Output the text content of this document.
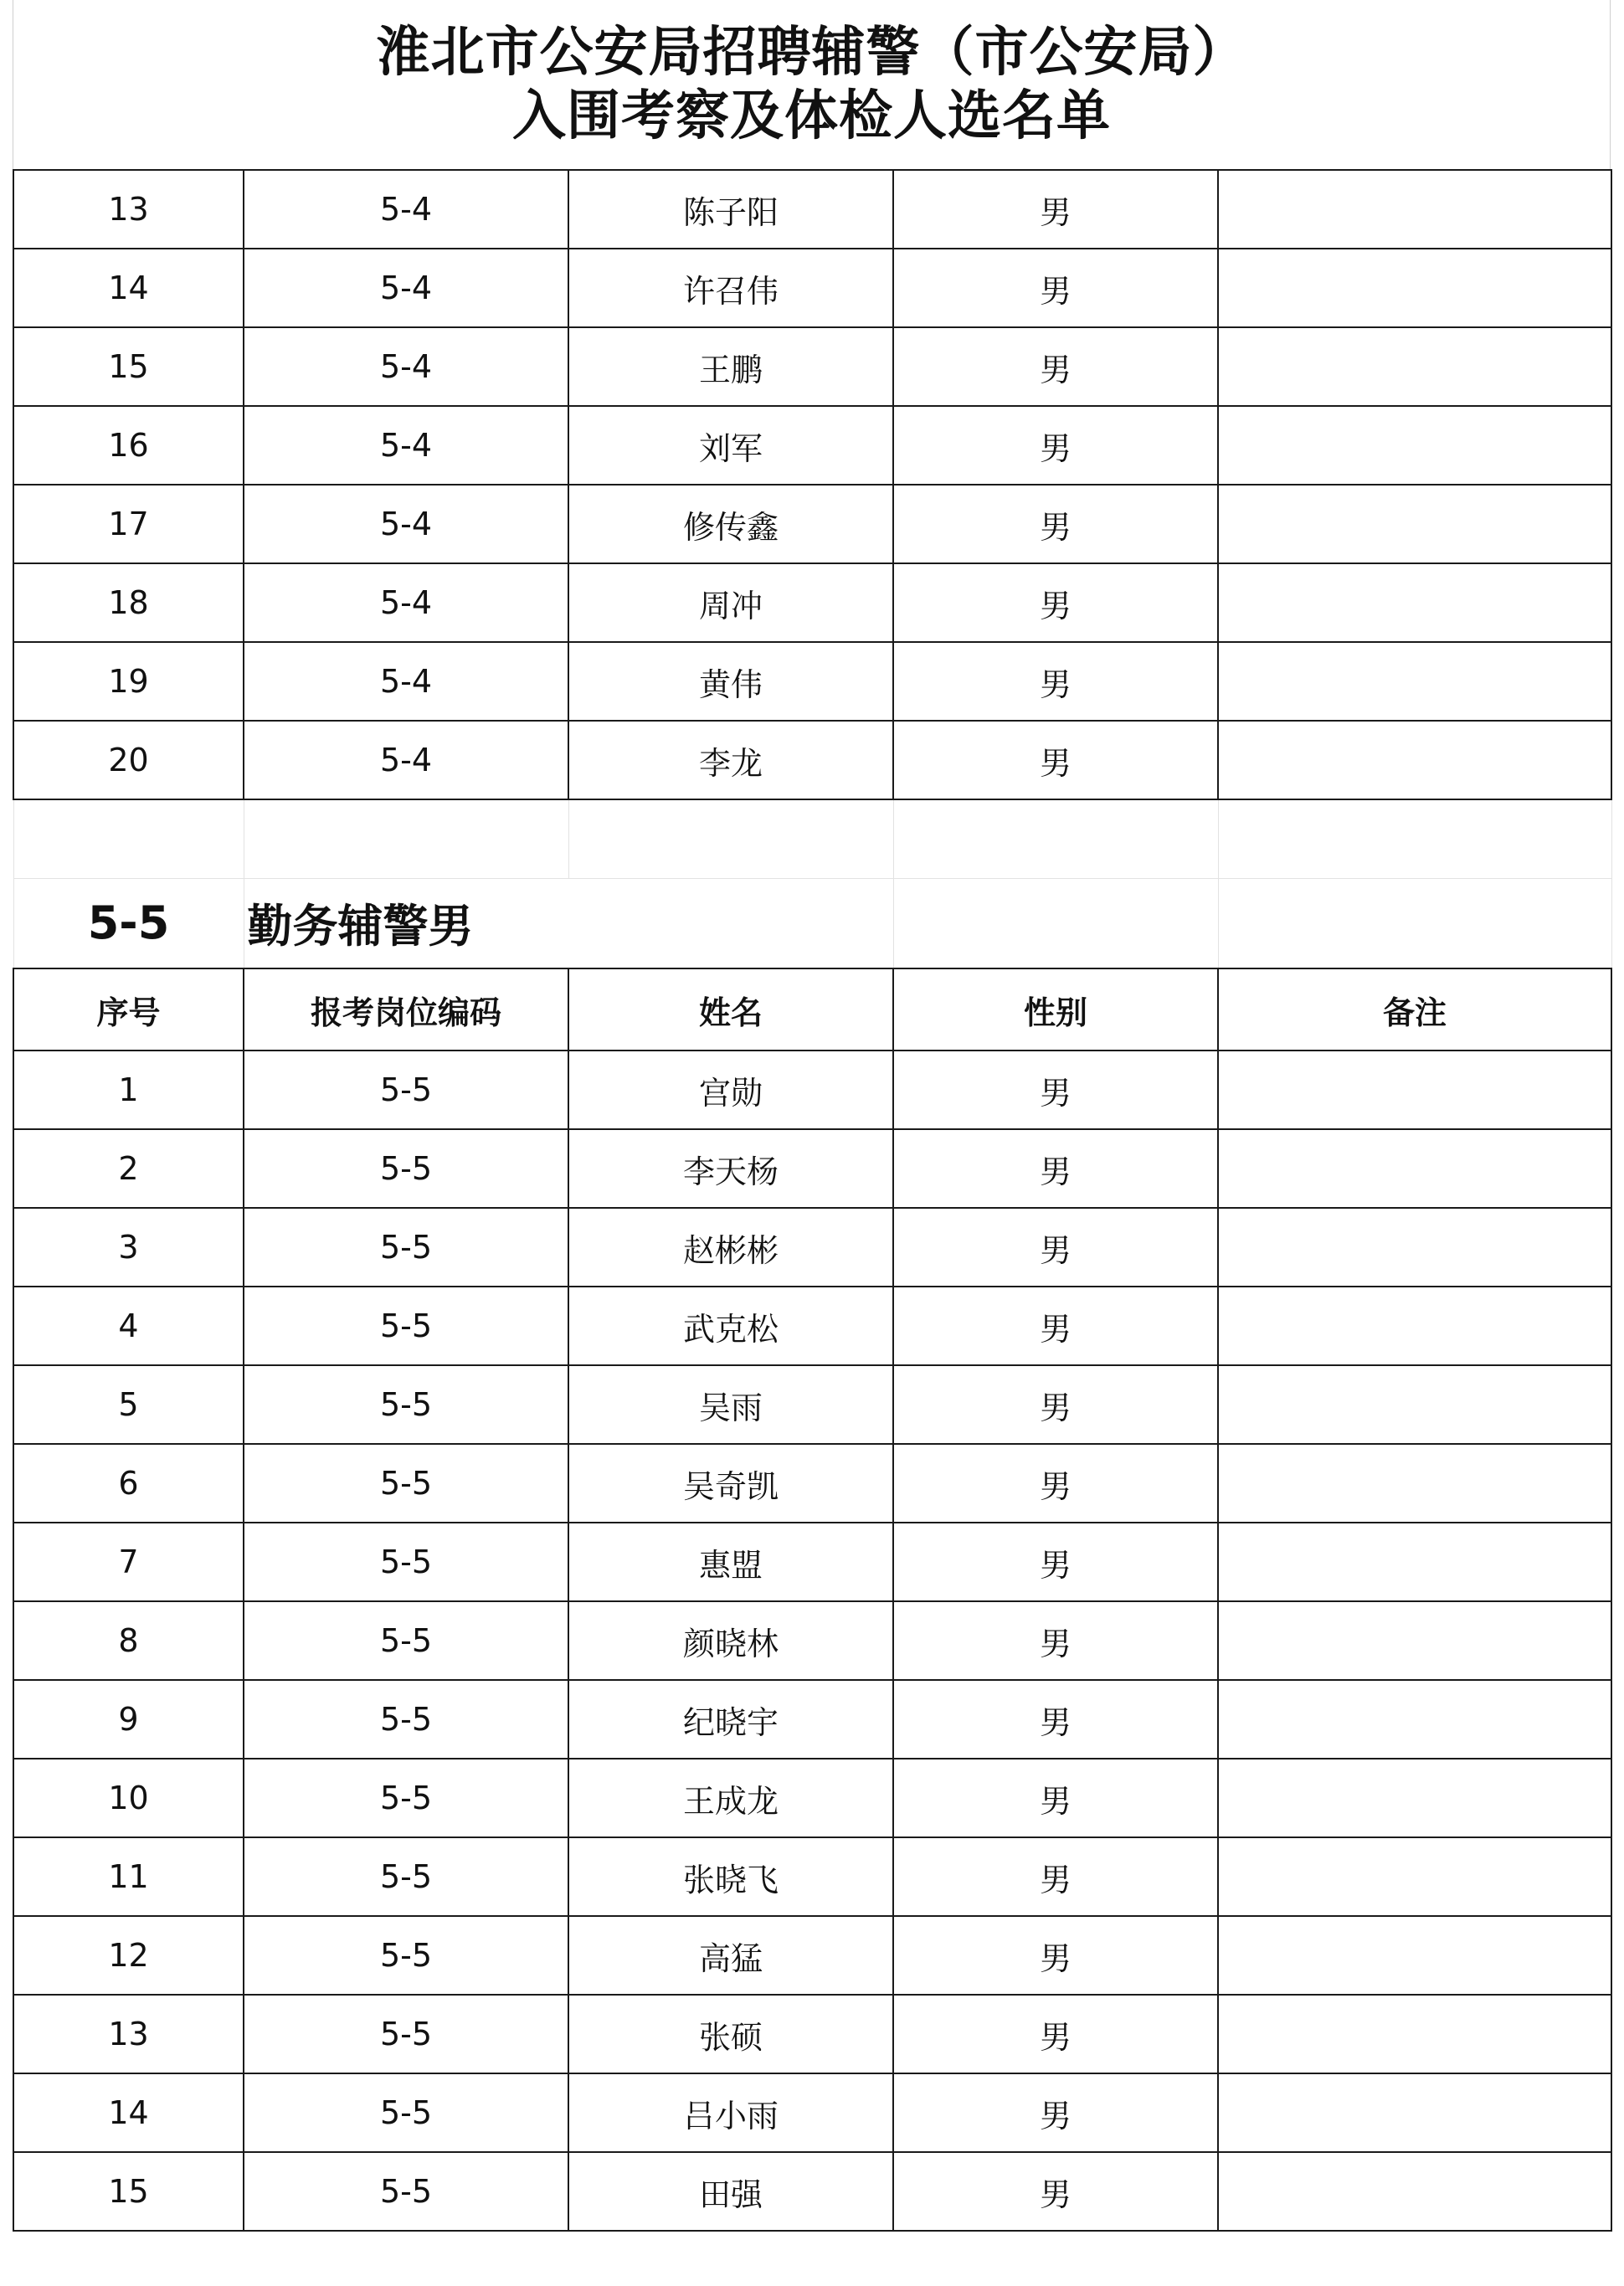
淮北市公安局招聘辅警（市公安局）
入围考察及体检人选名单
13	5-4	陈子阳	男	
14	5-4	许召伟	男	
15	5-4	王鹏	男	
16	5-4	刘军	男	
17	5-4	修传鑫	男	
18	5-4	周冲	男	
19	5-4	黄伟	男	
20	5-4	李龙	男	

5-5	勤务辅警男			
序号	报考岗位编码	姓名	性别	备注
1	5-5	宫勋	男	
2	5-5	李天杨	男	
3	5-5	赵彬彬	男	
4	5-5	武克松	男	
5	5-5	吴雨	男	
6	5-5	吴奇凯	男	
7	5-5	惠盟	男	
8	5-5	颜晓林	男	
9	5-5	纪晓宇	男	
10	5-5	王成龙	男	
11	5-5	张晓飞	男	
12	5-5	高猛	男	
13	5-5	张硕	男	
14	5-5	吕小雨	男	
15	5-5	田强	男	
